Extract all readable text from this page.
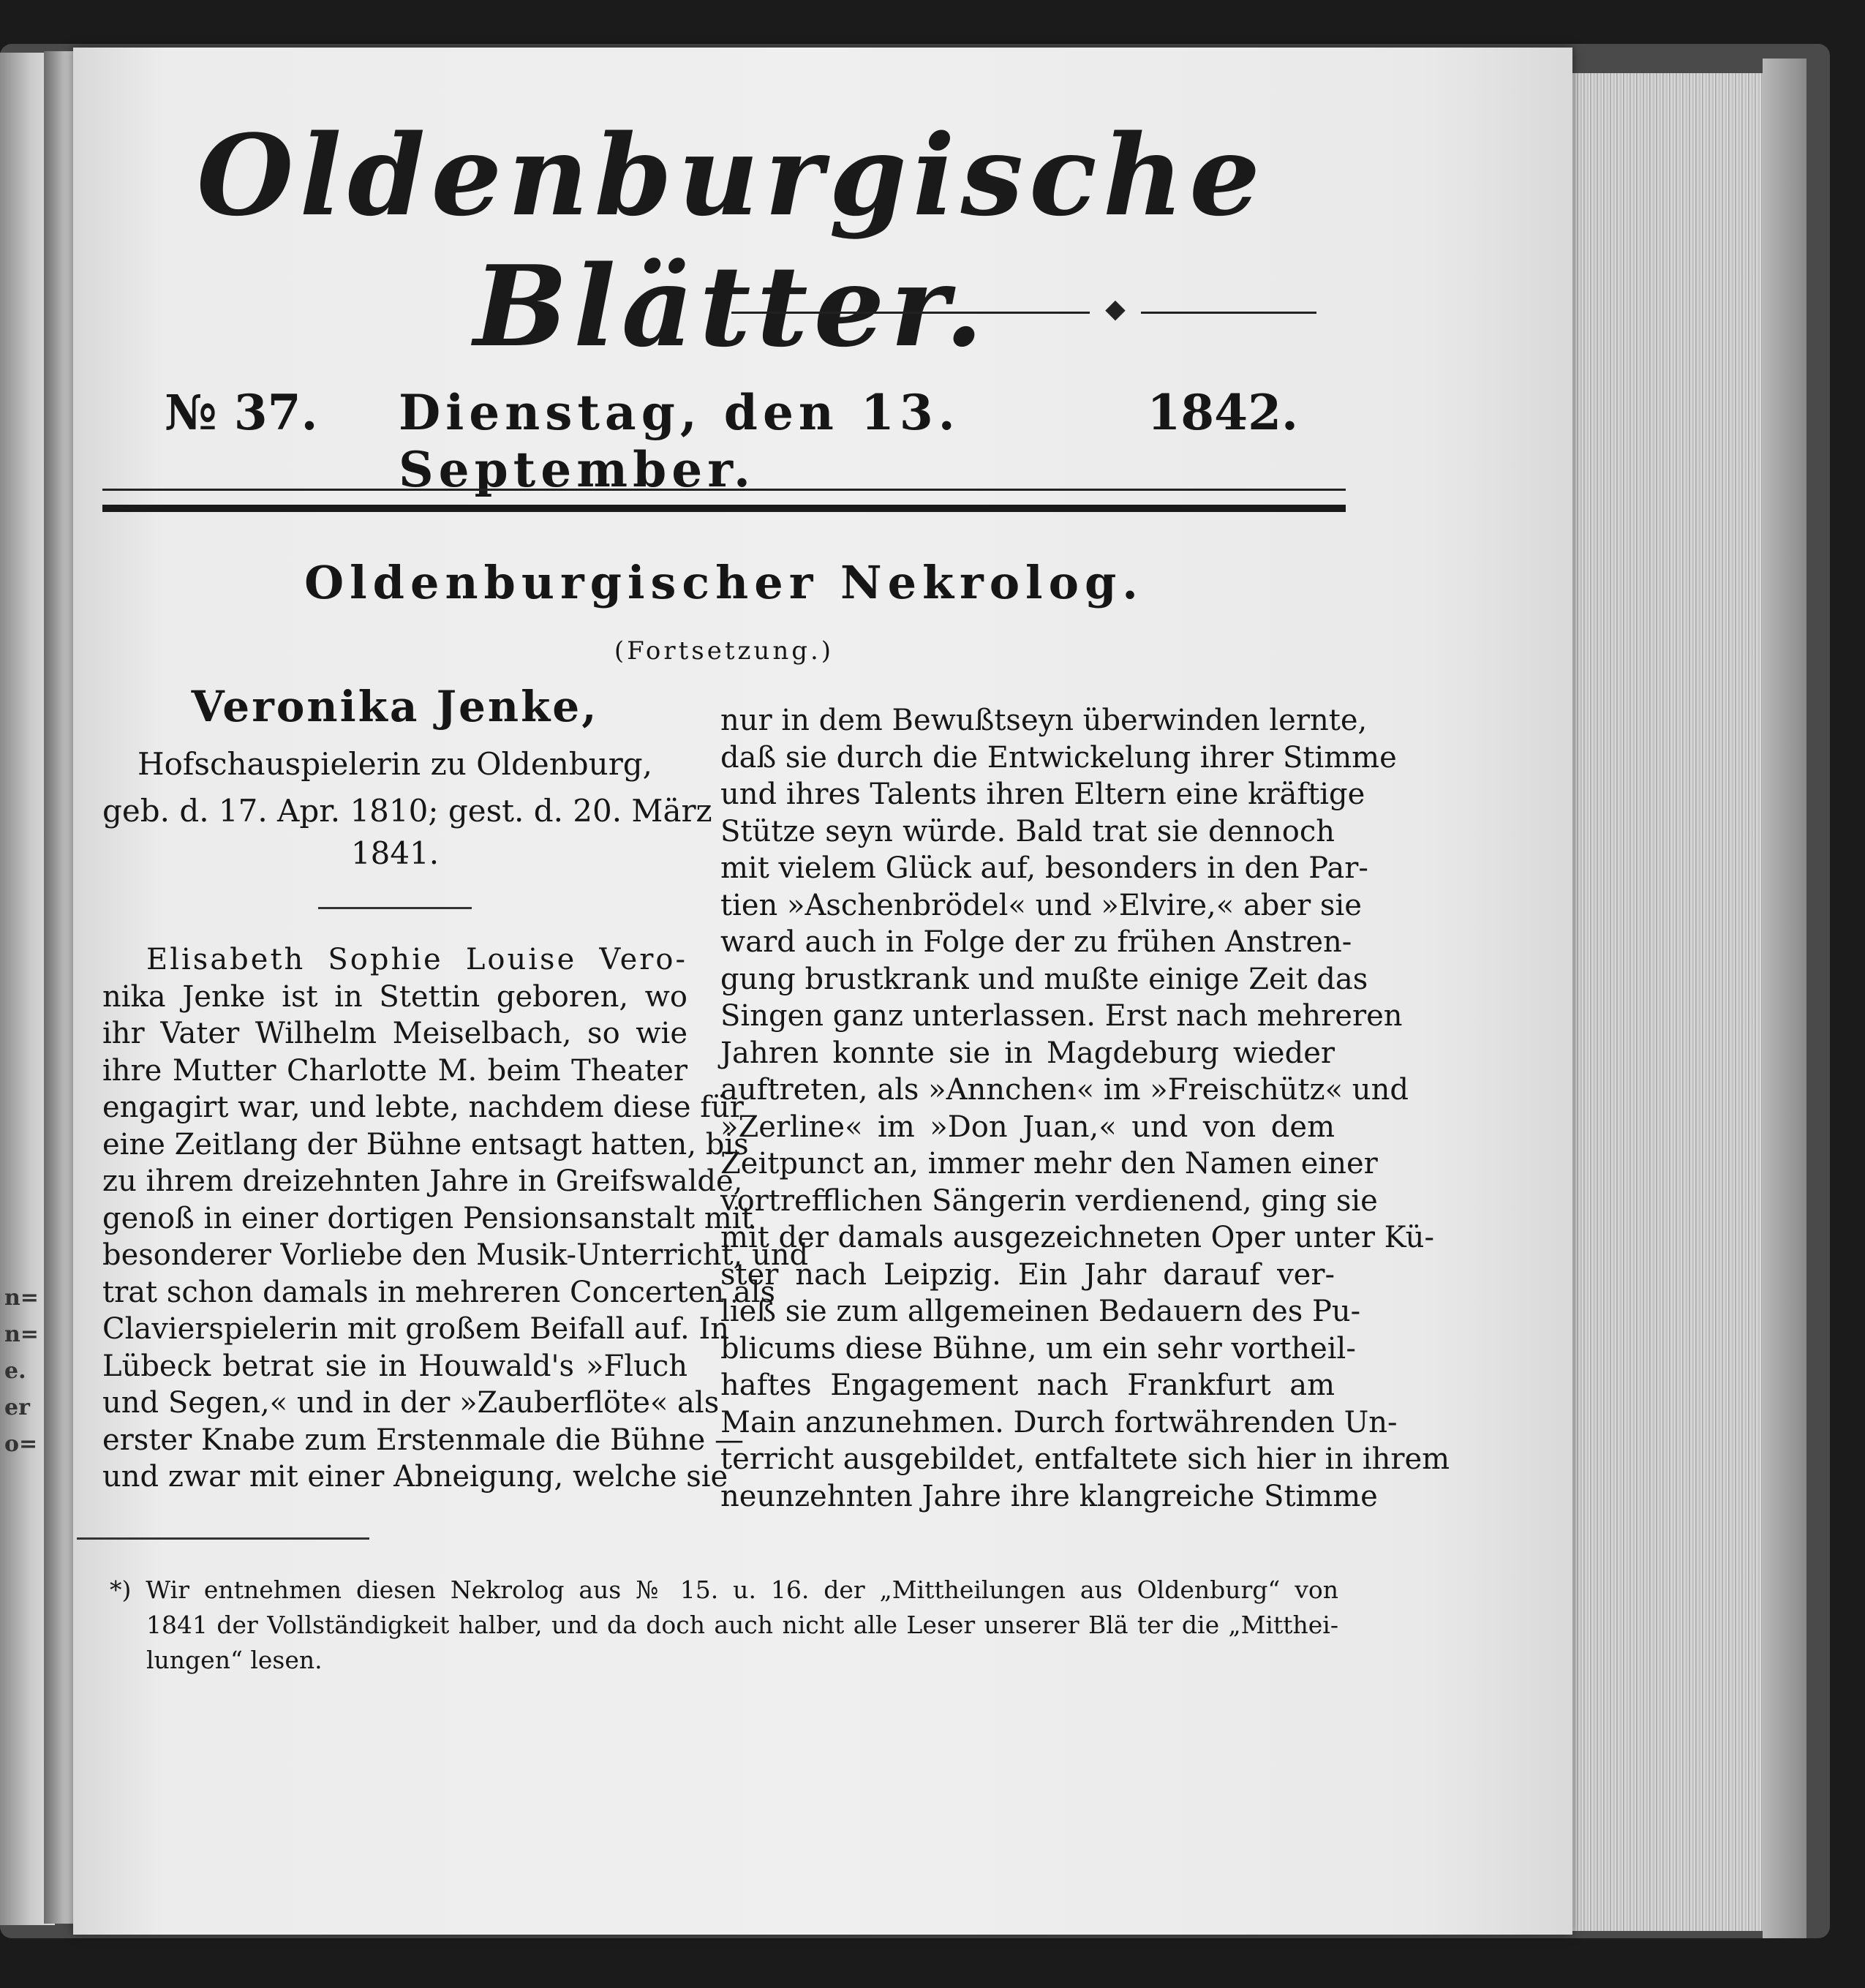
n=
n=
e.
er
o=
Oldenburgische Blätter.	◆
№ 37. Dienstag, den 13. September.
1842.
Oldenburgischer Nekrolog.
(Fortsetzung.)
Veronika Jenke,
Hofschauspielerin zu Oldenburg,
geb. d. 17. Apr. 1810; gest. d. 20. März
1841.
Elisabeth Sophie Louise Vero-
nika Jenke ist in Stettin geboren, wo
ihr Vater Wilhelm Meiselbach, so wie
ihre Mutter Charlotte M. beim Theater
engagirt war, und lebte, nachdem diese für
eine Zeitlang der Bühne entsagt hatten, bis
zu ihrem dreizehnten Jahre in Greifswalde,
genoß in einer dortigen Pensionsanstalt mit
besonderer Vorliebe den Musik-Unterricht, und
trat schon damals in mehreren Concerten als
Clavierspielerin mit großem Beifall auf. In
Lübeck betrat sie in Houwald's »Fluch
und Segen,« und in der »Zauberflöte« als
erster Knabe zum Erstenmale die Bühne —
und zwar mit einer Abneigung, welche sie
nur in dem Bewußtseyn überwinden lernte,
daß sie durch die Entwickelung ihrer Stimme
und ihres Talents ihren Eltern eine kräftige
Stütze seyn würde. Bald trat sie dennoch
mit vielem Glück auf, besonders in den Par-
tien »Aschenbrödel« und »Elvire,« aber sie
ward auch in Folge der zu frühen Anstren-
gung brustkrank und mußte einige Zeit das
Singen ganz unterlassen. Erst nach mehreren
Jahren konnte sie in Magdeburg wieder
auftreten, als »Annchen« im »Freischütz« und
»Zerline« im »Don Juan,« und von dem
Zeitpunct an, immer mehr den Namen einer
vortrefflichen Sängerin verdienend, ging sie
mit der damals ausgezeichneten Oper unter Kü-
ster nach Leipzig. Ein Jahr darauf ver-
ließ sie zum allgemeinen Bedauern des Pu-
blicums diese Bühne, um ein sehr vortheil-
haftes Engagement nach Frankfurt am
Main anzunehmen. Durch fortwährenden Un-
terricht ausgebildet, entfaltete sich hier in ihrem
neunzehnten Jahre ihre klangreiche Stimme
*) Wir entnehmen diesen Nekrolog aus № 15. u. 16. der „Mittheilungen aus Oldenburg“ von
1841 der Vollständigkeit halber, und da doch auch nicht alle Leser unserer Blä ter die „Mitthei-
lungen“ lesen.
